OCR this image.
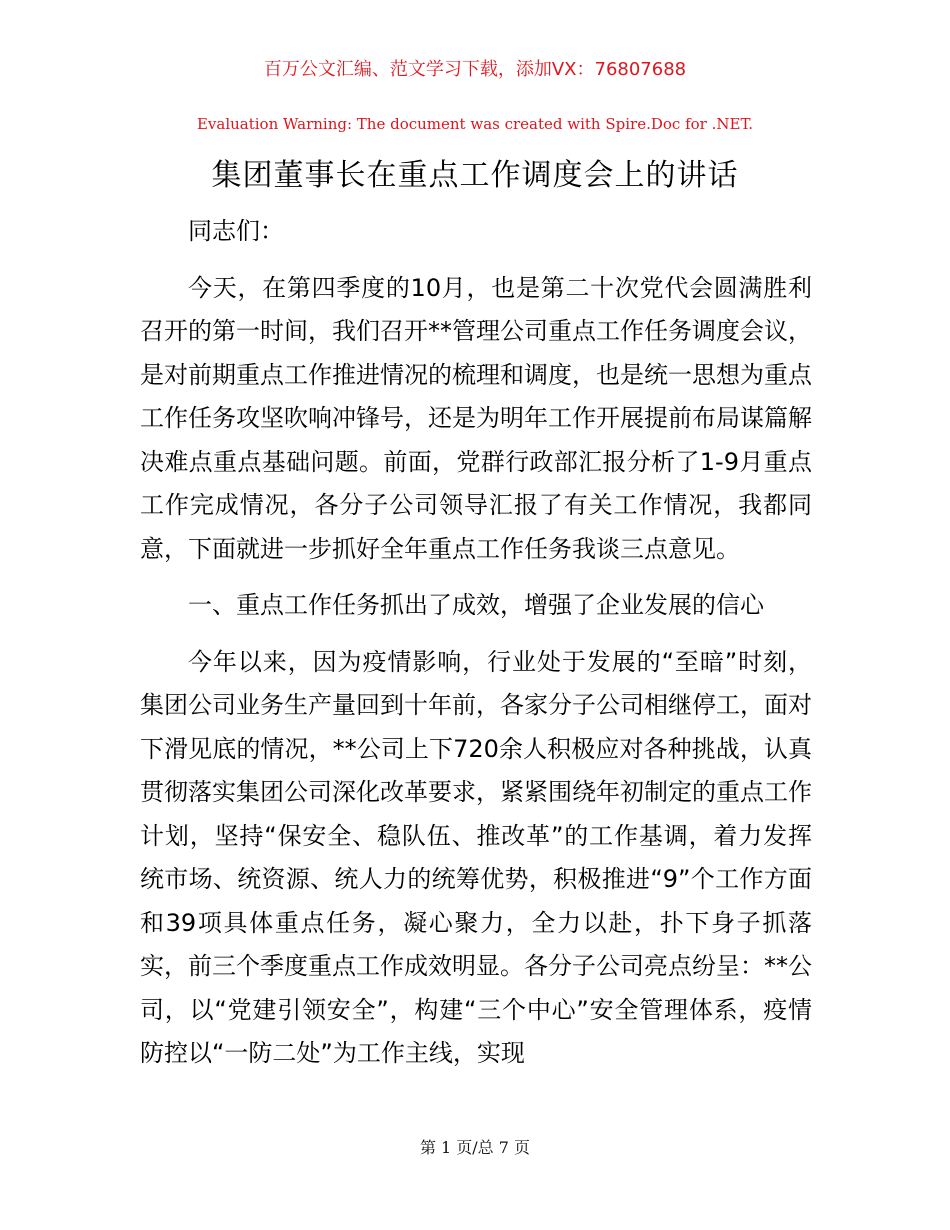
百万公文汇编、范文学习下载，添加VX：76807688
Evaluation Warning: The document was created with Spire.Doc for .NET.
集团董事长在重点工作调度会上的讲话

同志们：

今天，在第四季度的10月，也是第二十次党代会圆满胜利召开的第一时间，我们召开**管理公司重点工作任务调度会议，是对前期重点工作推进情况的梳理和调度，也是统一思想为重点工作任务攻坚吹响冲锋号，还是为明年工作开展提前布局谋篇解决难点重点基础问题。前面，党群行政部汇报分析了1-9月重点工作完成情况，各分子公司领导汇报了有关工作情况，我都同意，下面就进一步抓好全年重点工作任务我谈三点意见。

一、重点工作任务抓出了成效，增强了企业发展的信心

今年以来，因为疫情影响，行业处于发展的“至暗”时刻，集团公司业务生产量回到十年前，各家分子公司相继停工，面对下滑见底的情况，**公司上下720余人积极应对各种挑战，认真贯彻落实集团公司深化改革要求，紧紧围绕年初制定的重点工作计划，坚持“保安全、稳队伍、推改革”的工作基调，着力发挥统市场、统资源、统人力的统筹优势，积极推进“9”个工作方面和39项具体重点任务，凝心聚力，全力以赴，扑下身子抓落实，前三个季度重点工作成效明显。各分子公司亮点纷呈：**公司，以“党建引领安全”，构建“三个中心”安全管理体系，疫情防控以“一防二处”为工作主线，实现

第 1 页/总 7 页
